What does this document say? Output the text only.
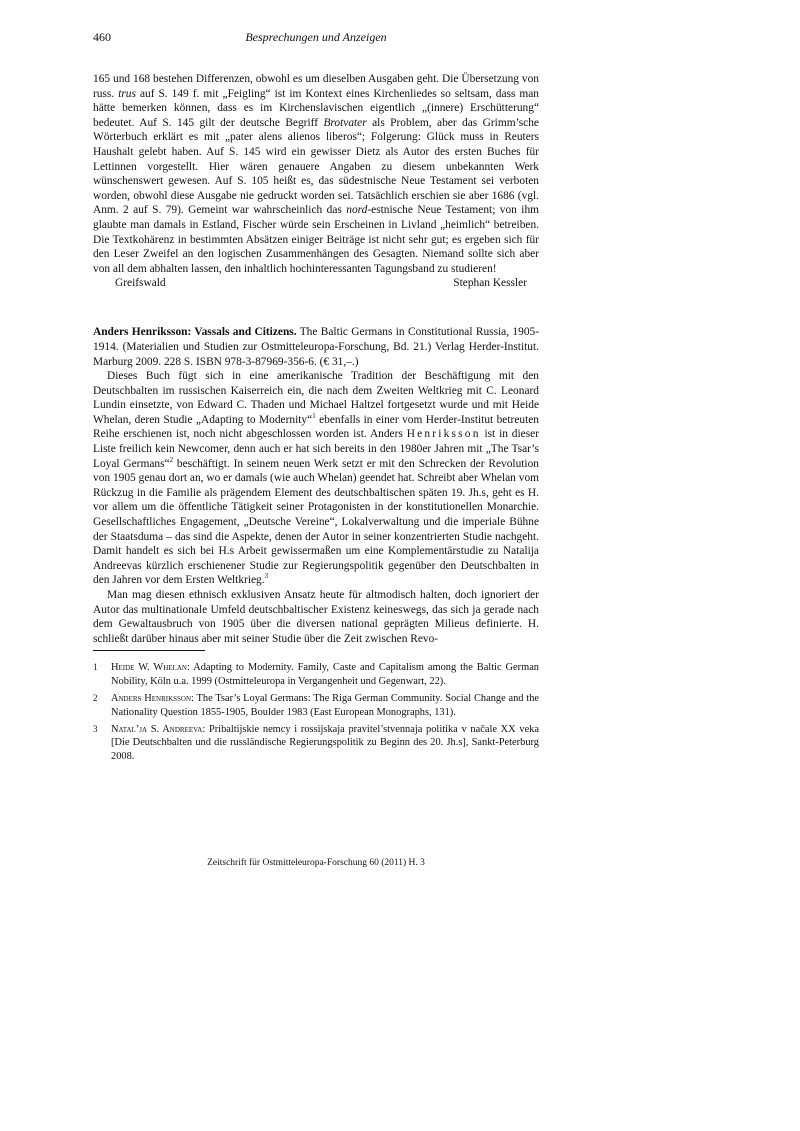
460	Besprechungen und Anzeigen

165 und 168 bestehen Differenzen, obwohl es um dieselben Ausgaben geht. Die Übersetzung von russ. trus auf S. 149 f. mit „Feigling“ ist im Kontext eines Kirchenliedes so seltsam, dass man hätte bemerken können, dass es im Kirchenslavischen eigentlich „(innere) Erschütterung“ bedeutet. Auf S. 145 gilt der deutsche Begriff Brotvater als Problem, aber das Grimm’sche Wörterbuch erklärt es mit „pater alens alienos liberos“; Folgerung: Glück muss in Reuters Haushalt gelebt haben. Auf S. 145 wird ein gewisser Dietz als Autor des ersten Buches für Lettinnen vorgestellt. Hier wären genauere Angaben zu diesem unbekannten Werk wünschenswert gewesen. Auf S. 105 heißt es, das südestnische Neue Testament sei verboten worden, obwohl diese Ausgabe nie gedruckt worden sei. Tatsächlich erschien sie aber 1686 (vgl. Anm. 2 auf S. 79). Gemeint war wahrscheinlich das nord-estnische Neue Testament; von ihm glaubte man damals in Estland, Fischer würde sein Erscheinen in Livland „heimlich“ betreiben. Die Textkohärenz in bestimmten Absätzen einiger Beiträge ist nicht sehr gut; es ergeben sich für den Leser Zweifel an den logischen Zusammenhängen des Gesagten. Niemand sollte sich aber von all dem abhalten lassen, den inhaltlich hochinteressanten Tagungsband zu studieren!

Greifswald	Stephan Kessler

Anders Henriksson: Vassals and Citizens. The Baltic Germans in Constitutional Russia, 1905-1914. (Materialien und Studien zur Ostmitteleuropa-Forschung, Bd. 21.) Verlag Herder-Institut. Marburg 2009. 228 S. ISBN 978-3-87969-356-6. (€ 31,–.)

Dieses Buch fügt sich in eine amerikanische Tradition der Beschäftigung mit den Deutschbalten im russischen Kaiserreich ein, die nach dem Zweiten Weltkrieg mit C. Leonard Lundin einsetzte, von Edward C. Thaden und Michael Haltzel fortgesetzt wurde und mit Heide Whelan, deren Studie „Adapting to Modernity“$^1$ ebenfalls in einer vom Herder-Institut betreuten Reihe erschienen ist, noch nicht abgeschlossen worden ist. Anders Henriksson ist in dieser Liste freilich kein Newcomer, denn auch er hat sich bereits in den 1980er Jahren mit „The Tsar’s Loyal Germans“$^2$ beschäftigt. In seinem neuen Werk setzt er mit den Schrecken der Revolution von 1905 genau dort an, wo er damals (wie auch Whelan) geendet hat. Schreibt aber Whelan vom Rückzug in die Familie als prägendem Element des deutschbaltischen späten 19. Jh.s, geht es H. vor allem um die öffentliche Tätigkeit seiner Protagonisten in der konstitutionellen Monarchie. Gesellschaftliches Engagement, „Deutsche Vereine“, Lokalverwaltung und die imperiale Bühne der Staatsduma – das sind die Aspekte, denen der Autor in seiner konzentrierten Studie nachgeht. Damit handelt es sich bei H.s Arbeit gewissermaßen um eine Komplementärstudie zu Natalija Andreevas kürzlich erschienener Studie zur Regierungspolitik gegenüber den Deutschbalten in den Jahren vor dem Ersten Weltkrieg.$^3$

Man mag diesen ethnisch exklusiven Ansatz heute für altmodisch halten, doch ignoriert der Autor das multinationale Umfeld deutschbaltischer Existenz keineswegs, das sich ja gerade nach dem Gewaltausbruch von 1905 über die diversen national geprägten Milieus definierte. H. schließt darüber hinaus aber mit seiner Studie über die Zeit zwischen Revo-

1 Heide W. Whelan: Adapting to Modernity. Family, Caste and Capitalism among the Baltic German Nobility, Köln u.a. 1999 (Ostmitteleuropa in Vergangenheit und Gegenwart, 22).
2 Anders Henriksson: The Tsar’s Loyal Germans: The Riga German Community. Social Change and the Nationality Question 1855-1905, Boulder 1983 (East European Monographs, 131).
3 Natal’ja S. Andreeva: Pribaltijskie nemcy i rossijskaja pravitel’stvennaja politika v načale XX veka [Die Deutschbalten und die russländische Regierungspolitik zu Beginn des 20. Jh.s], Sankt-Peterburg 2008.
Zeitschrift für Ostmitteleuropa-Forschung 60 (2011) H. 3
